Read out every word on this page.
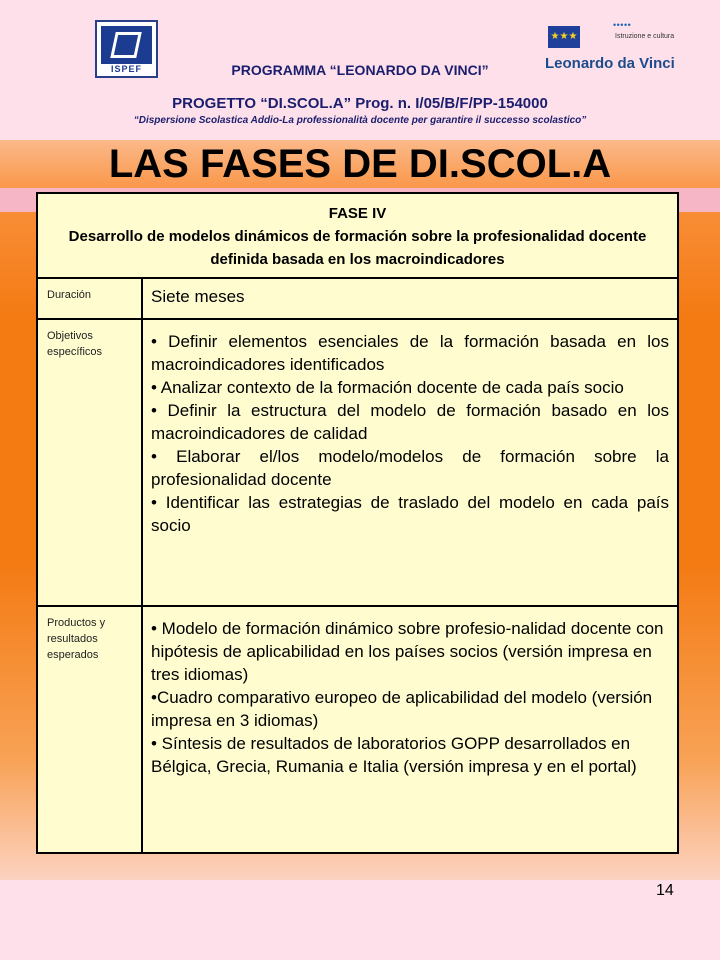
ISPEF
★★★
• • • • •
Istruzione e cultura
Leonardo da Vinci
PROGRAMMA “LEONARDO DA VINCI”
PROGETTO “DI.SCOL.A” Prog. n. I/05/B/F/PP-154000
“Dispersione Scolastica Addio-La professionalità docente per garantire il successo scolastico”
LAS FASES DE DI.SCOL.A
FASE IV
Desarrollo de modelos dinámicos de formación sobre la profesionalidad docente definida basada en los macroindicadores	
Duración	Siete meses
Objetivos específicos	• Definir elementos esenciales de la formación basada en los macroindicadores identificados
• Analizar contexto de la formación docente de cada país socio
• Definir la estructura del modelo de formación basado en los macroindicadores de calidad
• Elaborar el/los modelo/modelos de formación sobre la profesionalidad docente
• Identificar las estrategias de traslado del modelo en cada país socio

Productos y resultados esperados	• Modelo de formación dinámico sobre profesio-nalidad docente con hipótesis de aplicabilidad en los países socios (versión impresa en tres idiomas)
•Cuadro comparativo europeo de aplicabilidad del modelo (versión impresa en 3 idiomas)
• Síntesis de resultados de laboratorios GOPP desarrollados en Bélgica, Grecia, Rumania e Italia (versión impresa y en el portal)
14
